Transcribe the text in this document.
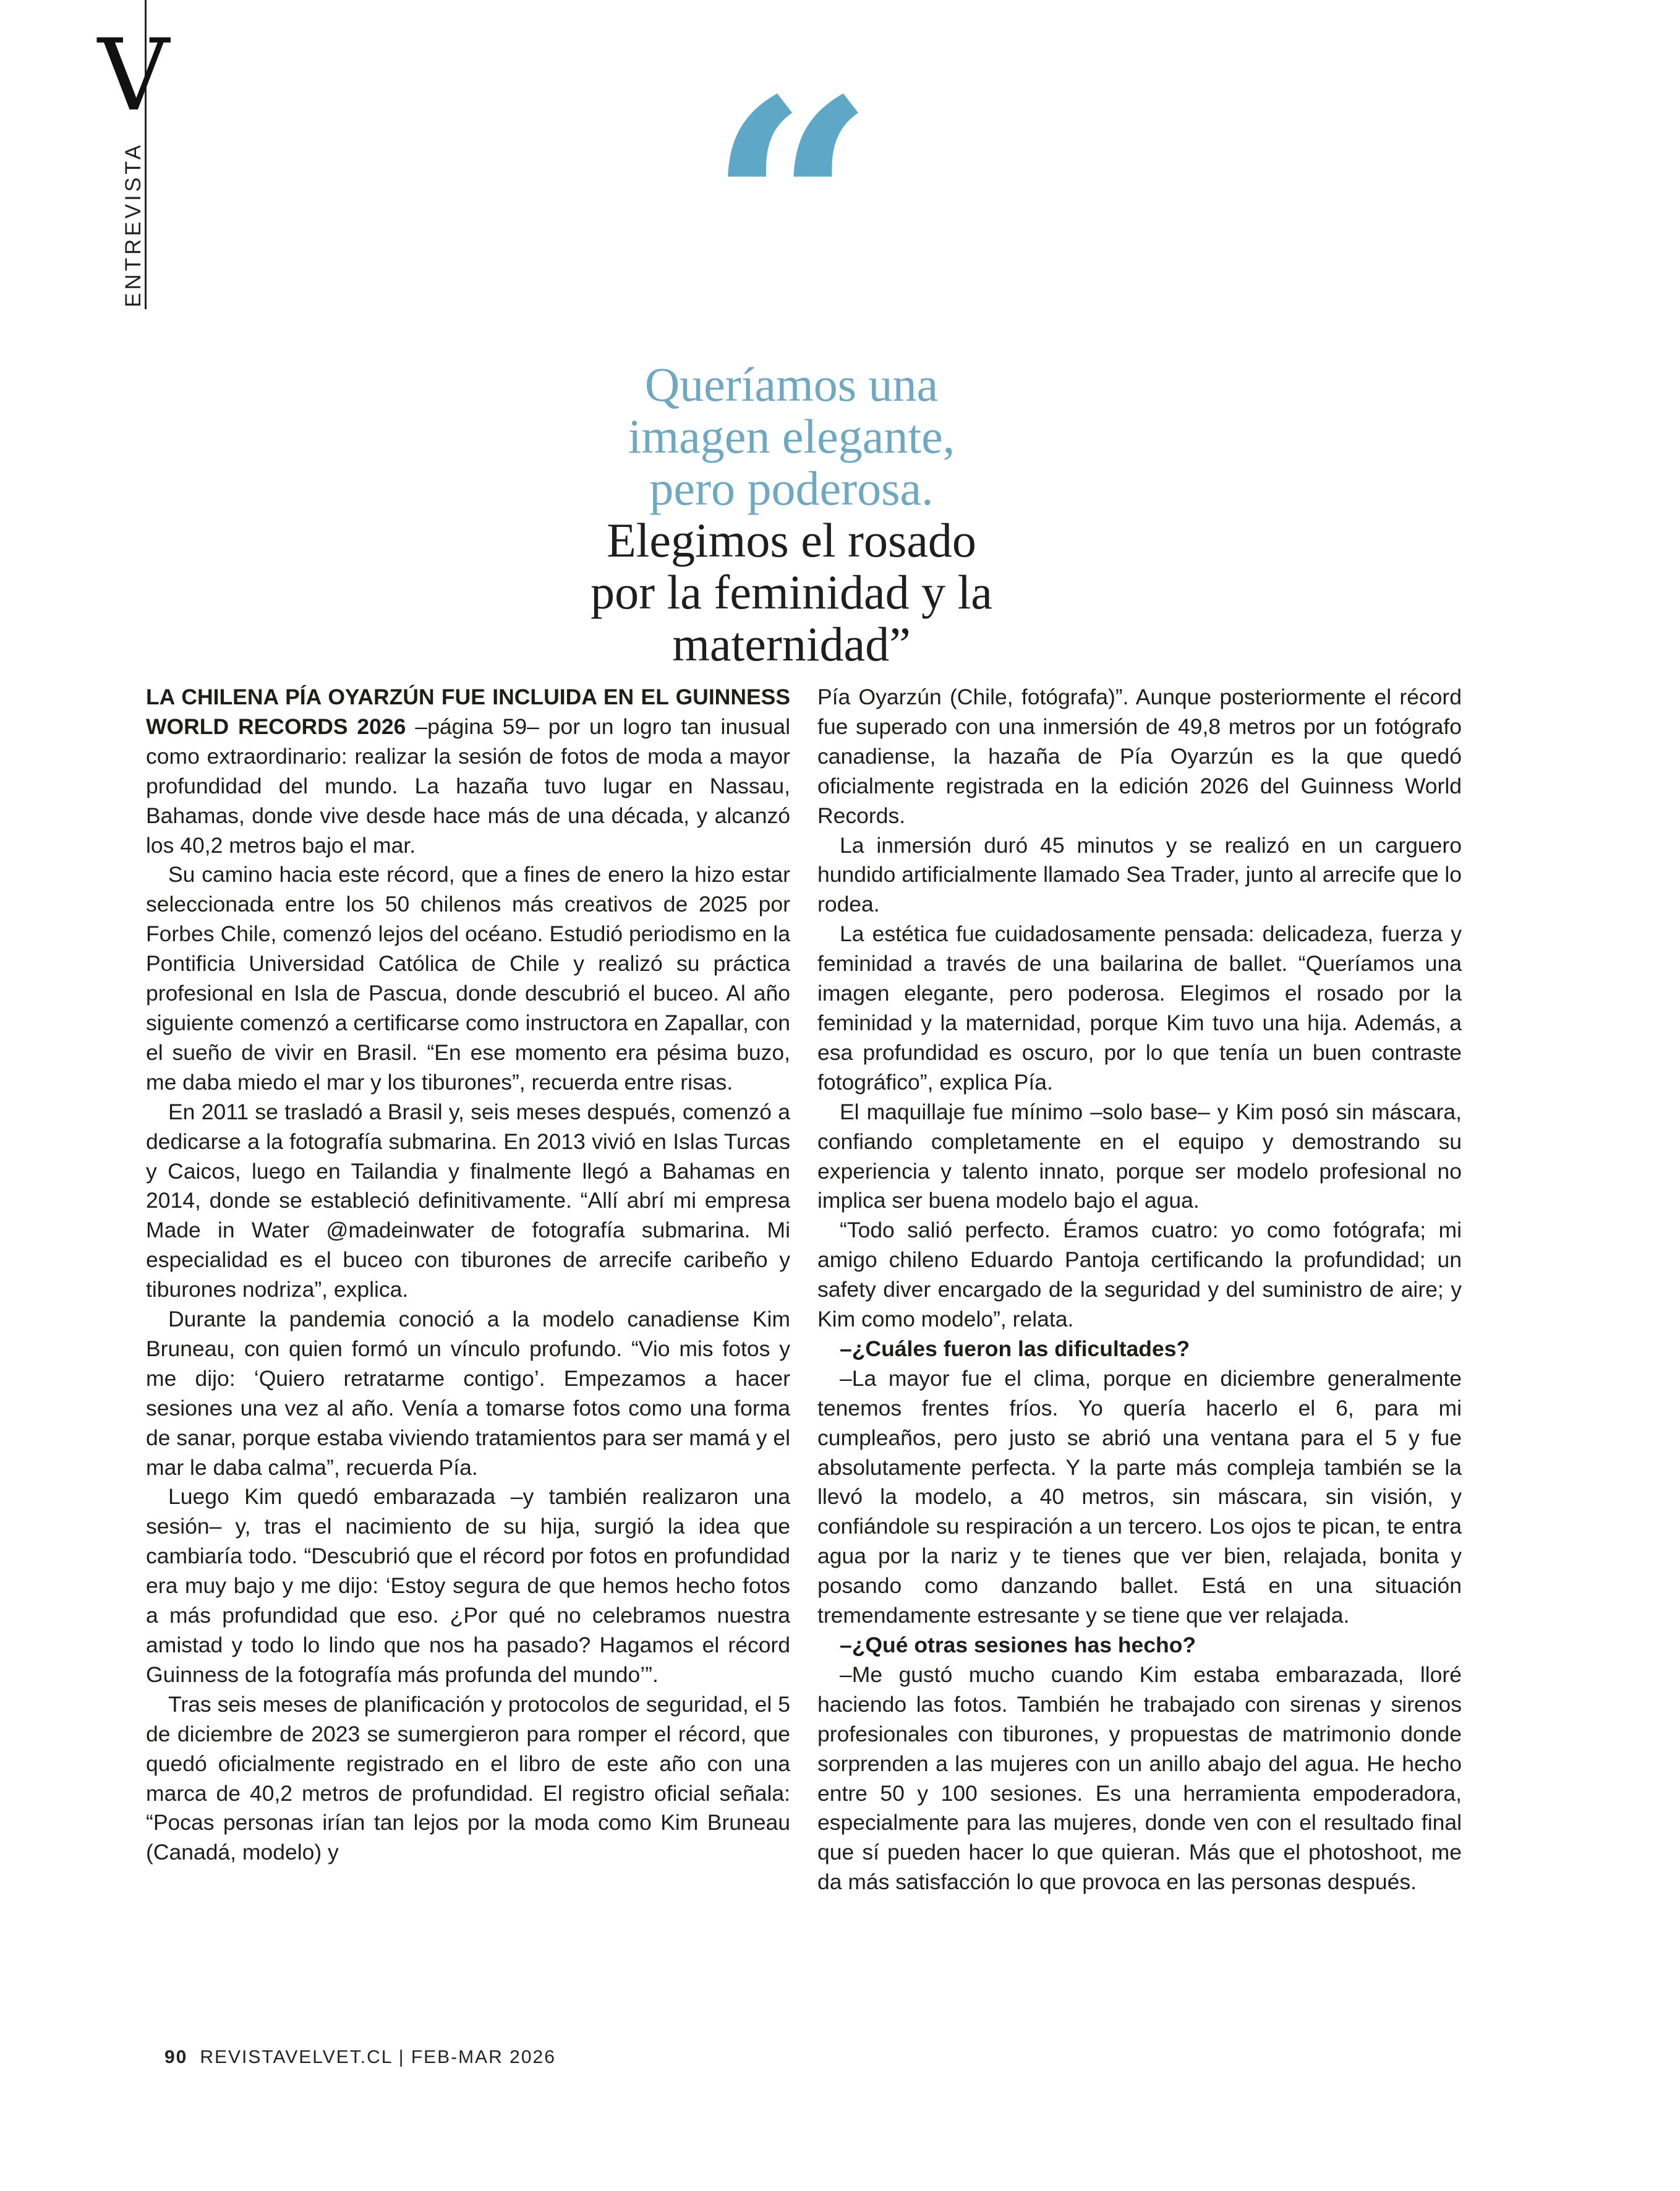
V
ENTREVISTA	“

Queríamos una
imagen elegante,
pero poderosa.

Elegimos el rosado
por la feminidad y la
maternidad”

LA CHILENA PÍA OYARZÚN FUE INCLUIDA EN EL GUINNESS WORLD RECORDS 2026 –página 59– por un logro tan inusual como extraordinario: realizar la sesión de fotos de moda a mayor profundidad del mundo. La hazaña tuvo lugar en Nassau, Bahamas, donde vive desde hace más de una década, y alcanzó los 40,2 metros bajo el mar.

Su camino hacia este récord, que a fines de enero la hizo estar seleccionada entre los 50 chilenos más creativos de 2025 por Forbes Chile, comenzó lejos del océano. Estudió periodismo en la Pontificia Universidad Católica de Chile y realizó su práctica profesional en Isla de Pascua, donde descubrió el buceo. Al año siguiente comenzó a certificarse como instructora en Zapallar, con el sueño de vivir en Brasil. “En ese momento era pésima buzo, me daba miedo el mar y los tiburones”, recuerda entre risas.

En 2011 se trasladó a Brasil y, seis meses después, comenzó a dedicarse a la fotografía submarina. En 2013 vivió en Islas Turcas y Caicos, luego en Tailandia y finalmente llegó a Bahamas en 2014, donde se estableció definitivamente. “Allí abrí mi empresa Made in Water @madeinwater de fotografía submarina. Mi especialidad es el buceo con tiburones de arrecife caribeño y tiburones nodriza”, explica.

Durante la pandemia conoció a la modelo canadiense Kim Bruneau, con quien formó un vínculo profundo. “Vio mis fotos y me dijo: ‘Quiero retratarme contigo’. Empezamos a hacer sesiones una vez al año. Venía a tomarse fotos como una forma de sanar, porque estaba viviendo tratamientos para ser mamá y el mar le daba calma”, recuerda Pía.

Luego Kim quedó embarazada –y también realizaron una sesión– y, tras el nacimiento de su hija, surgió la idea que cambiaría todo. “Descubrió que el récord por fotos en profundidad era muy bajo y me dijo: ‘Estoy segura de que hemos hecho fotos a más profundidad que eso. ¿Por qué no celebramos nuestra amistad y todo lo lindo que nos ha pasado? Hagamos el récord Guinness de la fotografía más profunda del mundo’”.

Tras seis meses de planificación y protocolos de seguridad, el 5 de diciembre de 2023 se sumergieron para romper el récord, que quedó oficialmente registrado en el libro de este año con una marca de 40,2 metros de profundidad. El registro oficial señala: “Pocas personas irían tan lejos por la moda como Kim Bruneau (Canadá, modelo) y

Pía Oyarzún (Chile, fotógrafa)”. Aunque posteriormente el récord fue superado con una inmersión de 49,8 metros por un fotógrafo canadiense, la hazaña de Pía Oyarzún es la que quedó oficialmente registrada en la edición 2026 del Guinness World Records.

La inmersión duró 45 minutos y se realizó en un carguero hundido artificialmente llamado Sea Trader, junto al arrecife que lo rodea.

La estética fue cuidadosamente pensada: delicadeza, fuerza y feminidad a través de una bailarina de ballet. “Queríamos una imagen elegante, pero poderosa. Elegimos el rosado por la feminidad y la maternidad, porque Kim tuvo una hija. Además, a esa profundidad es oscuro, por lo que tenía un buen contraste fotográfico”, explica Pía.

El maquillaje fue mínimo –solo base– y Kim posó sin máscara, confiando completamente en el equipo y demostrando su experiencia y talento innato, porque ser modelo profesional no implica ser buena modelo bajo el agua.

“Todo salió perfecto. Éramos cuatro: yo como fotógrafa; mi amigo chileno Eduardo Pantoja certificando la profundidad; un safety diver encargado de la seguridad y del suministro de aire; y Kim como modelo”, relata.

–¿Cuáles fueron las dificultades?

–La mayor fue el clima, porque en diciembre generalmente tenemos frentes fríos. Yo quería hacerlo el 6, para mi cumpleaños, pero justo se abrió una ventana para el 5 y fue absolutamente perfecta. Y la parte más compleja también se la llevó la modelo, a 40 metros, sin máscara, sin visión, y confiándole su respiración a un tercero. Los ojos te pican, te entra agua por la nariz y te tienes que ver bien, relajada, bonita y posando como danzando ballet. Está en una situación tremendamente estresante y se tiene que ver relajada.

–¿Qué otras sesiones has hecho?

–Me gustó mucho cuando Kim estaba embarazada, lloré haciendo las fotos. También he trabajado con sirenas y sirenos profesionales con tiburones, y propuestas de matrimonio donde sorprenden a las mujeres con un anillo abajo del agua. He hecho entre 50 y 100 sesiones. Es una herramienta empoderadora, especialmente para las mujeres, donde ven con el resultado final que sí pueden hacer lo que quieran. Más que el photoshoot, me da más satisfacción lo que provoca en las personas después.

90 REVISTAVELVET.CL | FEB-MAR 2026
